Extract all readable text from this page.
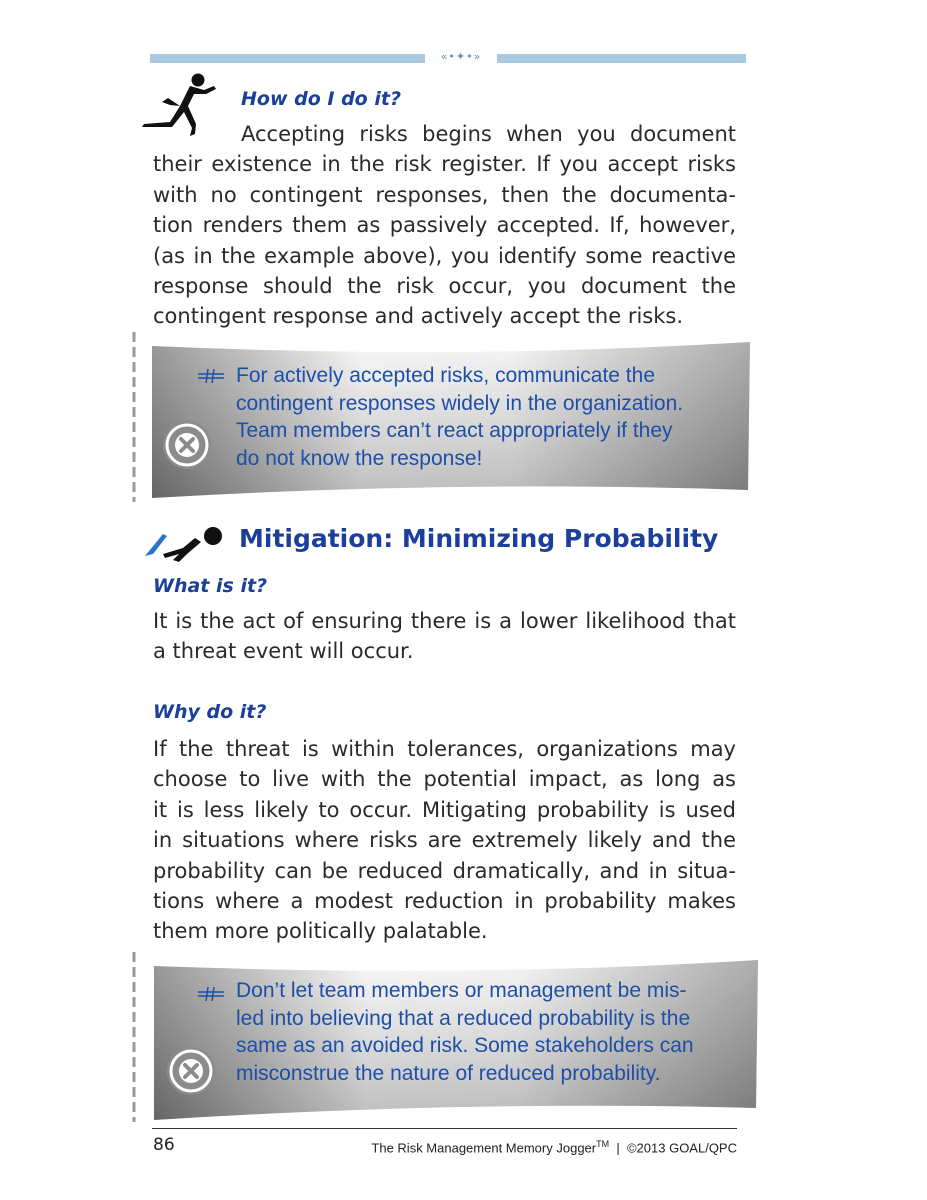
«•✦•»
How do I do it?
Accepting risks begins when you document
their existence in the risk register. If you accept risks
with no contingent responses, then the documenta-
tion renders them as passively accepted. If, however,
(as in the example above), you identify some reactive
response should the risk occur, you document the
contingent response and actively accept the risks.

For actively accepted risks, communicate the
contingent responses widely in the organization.
Team members can’t react appropriately if they
do not know the response!

Mitigation: Minimizing Probability
What is it?
It is the act of ensuring there is a lower likelihood that
a threat event will occur.
Why do it?
If the threat is within tolerances, organizations may
choose to live with the potential impact, as long as
it is less likely to occur. Mitigating probability is used
in situations where risks are extremely likely and the
probability can be reduced dramatically, and in situa-
tions where a modest reduction in probability makes
them more politically palatable.

Don’t let team members or management be mis-
led into believing that a reduced probability is the
same as an avoided risk. Some stakeholders can
misconstrue the nature of reduced probability.

86	The Risk Management Memory Jogger™ | ©2013 GOAL/QPC
